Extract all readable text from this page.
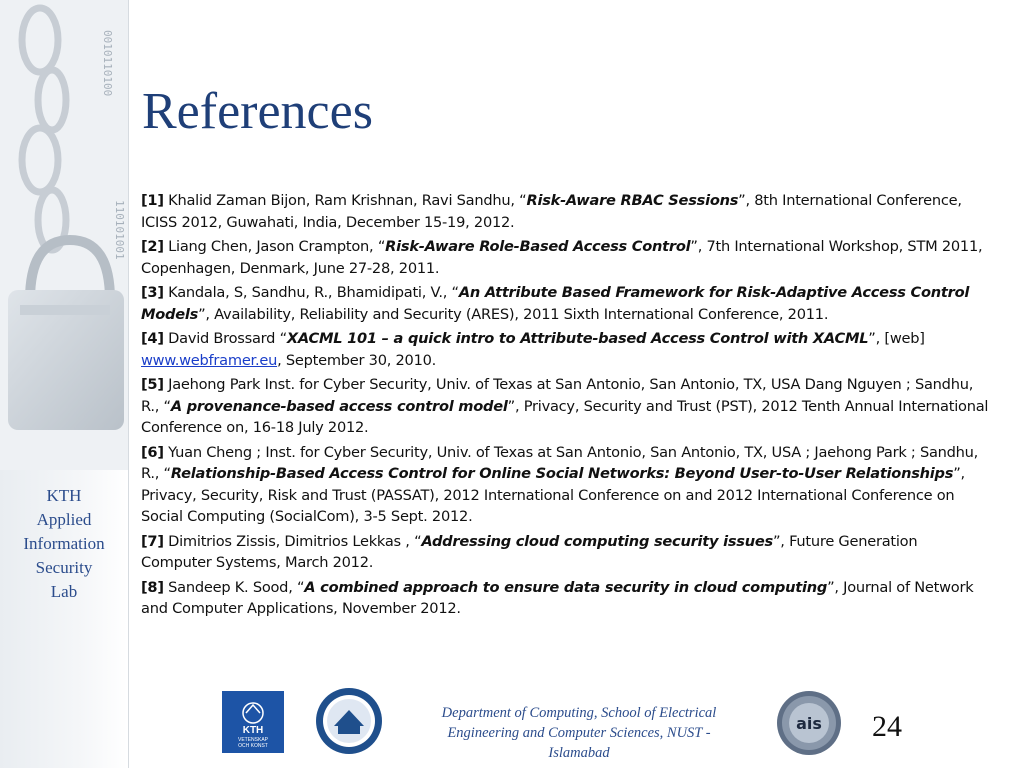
0010110100
110101001
KTH
Applied
Information
Security
Lab
References

[1] Khalid Zaman Bijon, Ram Krishnan, Ravi Sandhu, “Risk-Aware RBAC Sessions”, 8th International Conference, ICISS 2012, Guwahati, India, December 15-19, 2012.

[2] Liang Chen, Jason Crampton, “Risk-Aware Role-Based Access Control”, 7th International Workshop, STM 2011, Copenhagen, Denmark, June 27-28, 2011.

[3] Kandala, S, Sandhu, R., Bhamidipati, V., “An Attribute Based Framework for Risk-Adaptive Access Control Models”, Availability, Reliability and Security (ARES), 2011 Sixth International Conference, 2011.

[4] David Brossard “XACML 101 – a quick intro to Attribute-based Access Control with XACML”, [web] www.webframer.eu, September 30, 2010.

[5] Jaehong Park Inst. for Cyber Security, Univ. of Texas at San Antonio, San Antonio, TX, USA Dang Nguyen ; Sandhu, R., “A provenance-based access control model”, Privacy, Security and Trust (PST), 2012 Tenth Annual International Conference on, 16-18 July 2012.

[6] Yuan Cheng ; Inst. for Cyber Security, Univ. of Texas at San Antonio, San Antonio, TX, USA ; Jaehong Park ; Sandhu, R., “Relationship-Based Access Control for Online Social Networks: Beyond User-to-User Relationships”, Privacy, Security, Risk and Trust (PASSAT), 2012 International Conference on and 2012 International Conference on Social Computing (SocialCom), 3-5 Sept. 2012.

[7] Dimitrios Zissis, Dimitrios Lekkas , “Addressing cloud computing security issues”, Future Generation Computer Systems, March 2012.

[8] Sandeep K. Sood, “A combined approach to ensure data security in cloud computing”, Journal of Network and Computer Applications, November 2012.

KTH
VETENSKAP
OCH KONST
Department of Computing, School of Electrical
Engineering and Computer Sciences, NUST -
Islamabad
ais 24
